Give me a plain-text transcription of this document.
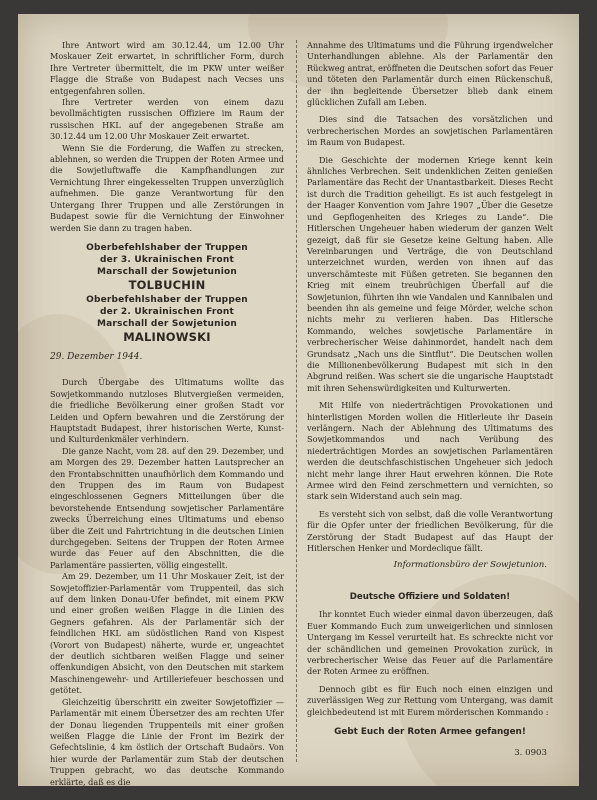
Ihre Antwort wird am 30.12.44, um 12.00 Uhr Moskauer Zeit erwartet, in schriftlicher Form, durch Ihre Vertreter übermittelt, die im PKW unter weißer Flagge die Straße von Budapest nach Vecses uns entgegenfahren sollen.

Ihre Vertreter werden von einem dazu bevollmächtigten russischen Offiziere im Raum der russischen HKL auf der angegebenen Straße am 30.12.44 um 12.00 Uhr Moskauer Zeit erwartet.

Wenn Sie die Forderung, die Waffen zu strecken, ablehnen, so werden die Truppen der Roten Armee und die Sowjetluftwaffe die Kampfhandlungen zur Vernichtung Ihrer eingekesselten Truppen unverzüglich aufnehmen. Die ganze Verantwortung für den Untergang Ihrer Truppen und alle Zerstörungen in Budapest sowie für die Vernichtung der Einwohner werden Sie dann zu tragen haben.

Oberbefehlshaber der Truppen
der 3. Ukrainischen Front
Marschall der Sowjetunion
TOLBUCHIN
Oberbefehlshaber der Truppen
der 2. Ukrainischen Front
Marschall der Sowjetunion
MALINOWSKI
29. Dezember 1944.

Durch Übergabe des Ultimatums wollte das Sowjetkommando nutzloses Blutvergießen vermeiden, die friedliche Bevölkerung einer großen Stadt vor Leiden und Opfern bewahren und die Zerstörung der Hauptstadt Budapest, ihrer historischen Werte, Kunst- und Kulturdenkmäler verhindern.

Die ganze Nacht, vom 28. auf den 29. Dezember, und am Morgen des 29. Dezember hatten Lautsprecher an den Frontabschnitten unaufhörlich dem Kommando und den Truppen des im Raum von Budapest eingeschlossenen Gegners Mitteilungen über die bevorstehende Entsendung sowjetischer Parlamentäre zwecks Überreichung eines Ultimatums und ebenso über die Zeit und Fahrtrichtung in die deutschen Linien durchgegeben. Seitens der Truppen der Roten Armee wurde das Feuer auf den Abschnitten, die die Parlamentäre passierten, völlig eingestellt.

Am 29. Dezember, um 11 Uhr Moskauer Zeit, ist der Sowjetoffizier-Parlamentär vom Truppenteil, das sich auf dem linken Donau-Ufer befindet, mit einem PKW und einer großen weißen Flagge in die Linien des Gegners gefahren. Als der Parlamentär sich der feindlichen HKL am südöstlichen Rand von Kispest (Vorort von Budapest) näherte, wurde er, ungeachtet der deutlich sichtbaren weißen Flagge und seiner offenkundigen Absicht, von den Deutschen mit starkem Maschinengewehr- und Artilleriefeuer beschossen und getötet.

Gleichzeitig überschritt ein zweiter Sowjetoffizier — Parlamentär mit einem Übersetzer des am rechten Ufer der Donau liegenden Truppenteils mit einer großen weißen Flagge die Linie der Front im Bezirk der Gefechtslinie, 4 km östlich der Ortschaft Budaörs. Von hier wurde der Parlamentär zum Stab der deutschen Truppen gebracht, wo das deutsche Kommando erklärte, daß es die

Annahme des Ultimatums und die Führung irgendwelcher Unterhandlungen ablehne. Als der Parlamentär den Rückweg antrat, eröffneten die Deutschen sofort das Feuer und töteten den Parlamentär durch einen Rückenschuß, der ihn begleitende Übersetzer blieb dank einem glücklichen Zufall am Leben.

Dies sind die Tatsachen des vorsätzlichen und verbrecherischen Mordes an sowjetischen Parlamentären im Raum von Budapest.

Die Geschichte der modernen Kriege kennt kein ähnliches Verbrechen. Seit undenklichen Zeiten genießen Parlamentäre das Recht der Unantastbarkeit. Dieses Recht ist durch die Tradition geheiligt. Es ist auch festgelegt in der Haager Konvention vom Jahre 1907 „Über die Gesetze und Gepflogenheiten des Krieges zu Lande“. Die Hitlerschen Ungeheuer haben wiederum der ganzen Welt gezeigt, daß für sie Gesetze keine Geltung haben. Alle Vereinbarungen und Verträge, die von Deutschland unterzeichnet wurden, werden von ihnen auf das unverschämteste mit Füßen getreten. Sie begannen den Krieg mit einem treubrüchigen Überfall auf die Sowjetunion, führten ihn wie Vandalen und Kannibalen und beenden ihn als gemeine und feige Mörder, welche schon nichts mehr zu verlieren haben. Das Hitlersche Kommando, welches sowjetische Parlamentäre in verbrecherischer Weise dahinmordet, handelt nach dem Grundsatz „Nach uns die Sintflut“. Die Deutschen wollen die Millionenbevölkerung Budapest mit sich in den Abgrund reißen. Was schert sie die ungarische Hauptstadt mit ihren Sehenswürdigkeiten und Kulturwerten.

Mit Hilfe von niederträchtigen Provokationen und hinterlistigen Morden wollen die Hitlerleute ihr Dasein verlängern. Nach der Ablehnung des Ultimatums des Sowjetkommandos und nach Verübung des niederträchtigen Mordes an sowjetischen Parlamentären werden die deutschfaschistischen Ungeheuer sich jedoch nicht mehr lange ihrer Haut erwehren können. Die Rote Armee wird den Feind zerschmettern und vernichten, so stark sein Widerstand auch sein mag.

Es versteht sich von selbst, daß die volle Verantwortung für die Opfer unter der friedlichen Bevölkerung, für die Zerstörung der Stadt Budapest auf das Haupt der Hitlerschen Henker und Mordeclique fällt.

Informationsbüro der Sowjetunion.
Deutsche Offiziere und Soldaten!

Ihr konntet Euch wieder einmal davon überzeugen, daß Euer Kommando Euch zum unweigerlichen und sinnlosen Untergang im Kessel verurteilt hat. Es schreckte nicht vor der schändlichen und gemeinen Provokation zurück, in verbrecherischer Weise das Feuer auf die Parlamentäre der Roten Armee zu eröffnen.

Dennoch gibt es für Euch noch einen einzigen und zuverlässigen Weg zur Rettung vom Untergang, was damit gleichbedeutend ist mit Eurem mörderischen Kommando :

Gebt Euch der Roten Armee gefangen!
3. 0903
